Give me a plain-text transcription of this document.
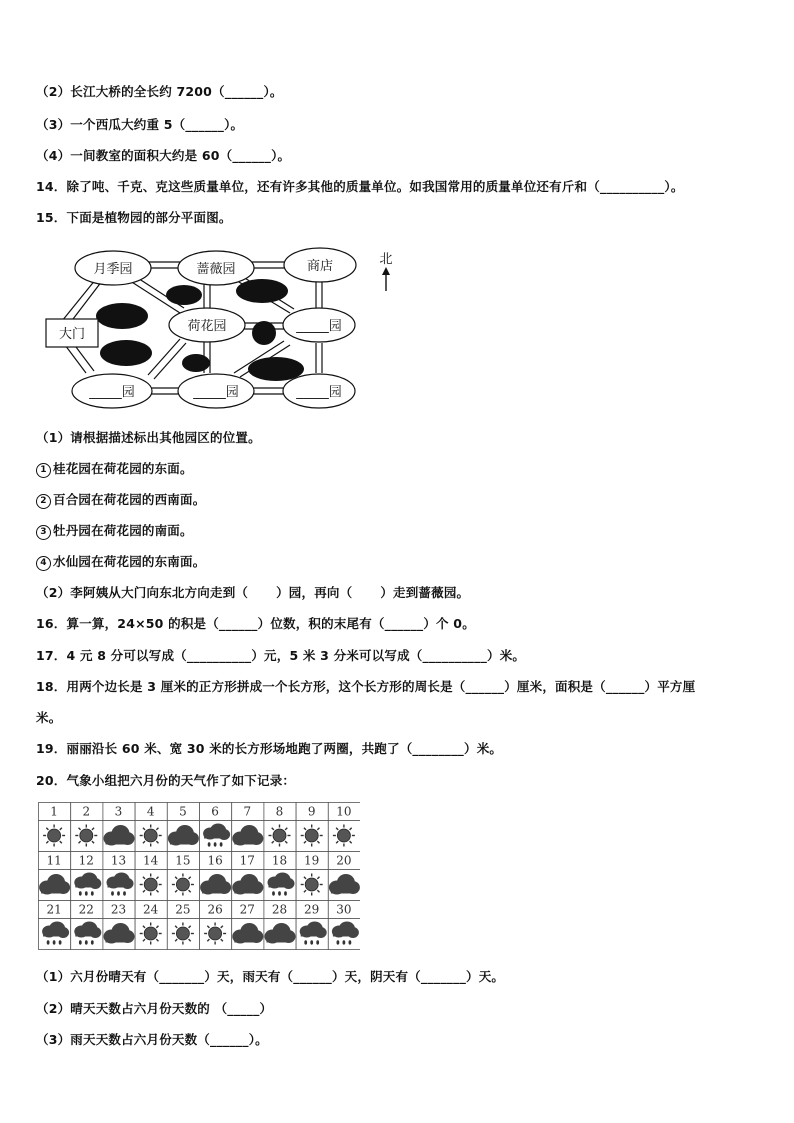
（2）长江大桥的全长约 7200（______）。
（3）一个西瓜大约重 5（______）。
（4）一间教室的面积大约是 60（______）。
14．除了吨、千克、克这些质量单位，还有许多其他的质量单位。如我国常用的质量单位还有斤和（__________）。
15．下面是植物园的部分平面图。
大门
月季园	蔷薇园	商店
荷花园	_____园
_____园	_____园	_____园
北
（1）请根据描述标出其他园区的位置。
1 桂花园在荷花园的东面。
2 百合园在荷花园的西南面。
3 牡丹园在荷花园的南面。
4 水仙园在荷花园的东南面。
（2）李阿姨从大门向东北方向走到（ ）园，再向（ ）走到蔷薇园。
16．算一算，24×50 的积是（______）位数，积的末尾有（______）个 0。
17．4 元 8 分可以写成（__________）元，5 米 3 分米可以写成（__________）米。
18．用两个边长是 3 厘米的正方形拼成一个长方形，这个长方形的周长是（______）厘米，面积是（______）平方厘
米。
19．丽丽沿长 60 米、宽 30 米的长方形场地跑了两圈，共跑了（________）米。
20．气象小组把六月份的天气作了如下记录：
1 2 3 4 5 6 7 8 9 10
11 12 13 14 15 16 17 18 19 20
21 22 23 24 25 26 27 28 29 30
（1）六月份晴天有（_______）天，雨天有（______）天，阴天有（_______）天。
（2）晴天天数占六月份天数的 （_____）
（3）雨天天数占六月份天数（______）。
